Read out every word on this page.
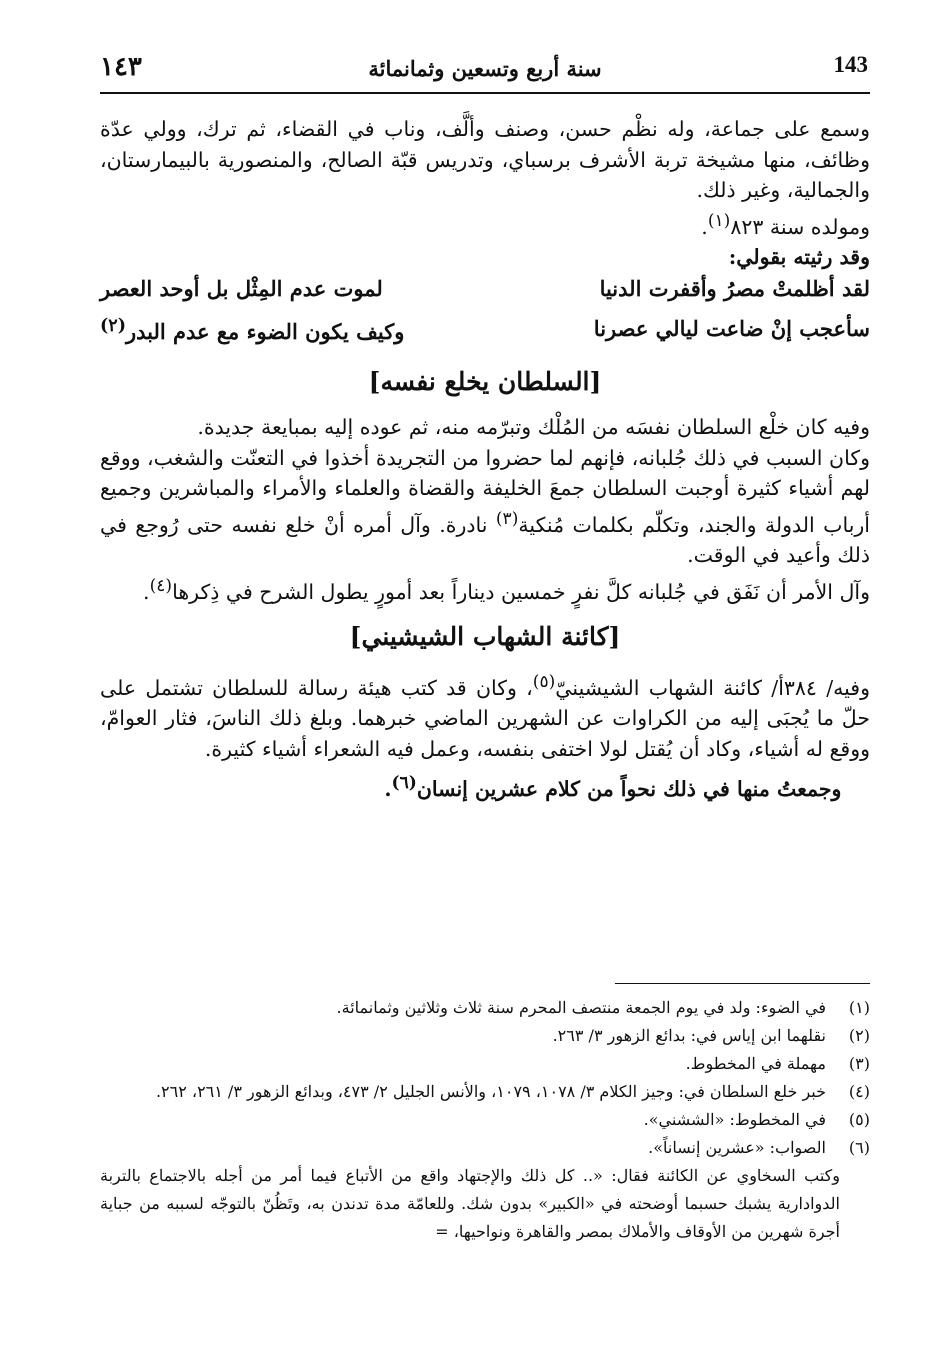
١٤٣	سنة أربع وتسعين وثمانمائة	143

وسمع على جماعة، وله نظْم حسن، وصنف وألَّف، وناب في القضاء، ثم ترك، وولي عدّة وظائف، منها مشيخة تربة الأشرف برسباي، وتدريس قبّة الصالح، والمنصورية بالبيمارستان، والجمالية، وغير ذلك.

ومولده سنة ٨٢٣$^{(١)}$.

وقد رثيته بقولي:

لقد أظلمتْ مصرُ وأقفرت الدنيا
لموت عدم المِثْل بل أوحد العصر
سأعجب إنْ ضاعت ليالي عصرنا
وكيف يكون الضوء مع عدم البدر$^{(٢)}$
[السلطان يخلع نفسه]

وفيه كان خلْع السلطان نفسَه من المُلْك وتبرّمه منه، ثم عوده إليه بمبايعة جديدة.

وكان السبب في ذلك جُلبانه، فإنهم لما حضروا من التجريدة أخذوا في التعنّت والشغب، ووقع لهم أشياء كثيرة أوجبت السلطان جمعَ الخليفة والقضاة والعلماء والأمراء والمباشرين وجميع أرباب الدولة والجند، وتكلّم بكلمات مُنكية$^{(٣)}$ نادرة. وآل أمره أنْ خلع نفسه حتى رُوجع في ذلك وأعيد في الوقت.

وآل الأمر أن نَفَق في جُلبانه كلَّ نفرٍ خمسين ديناراً بعد أمورٍ يطول الشرح في ذِكرها$^{(٤)}$.

[كائنة الشهاب الشيشيني]

وفيه/ ٣٨٤أ/ كائنة الشهاب الشيشينيّ$^{(٥)}$، وكان قد كتب هيئة رسالة للسلطان تشتمل على حلّ ما يُجبَى إليه من الكراوات عن الشهرين الماضي خبرهما. وبلغ ذلك الناسَ، فثار العوامّ، ووقع له أشياء، وكاد أن يُقتل لولا اختفى بنفسه، وعمل فيه الشعراء أشياء كثيرة.

وجمعتُ منها في ذلك نحواً من كلام عشرين إنسان$^{(٦)}$.

(١)
في الضوء: ولد في يوم الجمعة منتصف المحرم سنة ثلاث وثلاثين وثمانمائة.
(٢)
نقلهما ابن إياس في: بدائع الزهور ٣/ ٢٦٣.
(٣)
مهملة في المخطوط.
(٤)
خبر خلع السلطان في: وجيز الكلام ٣/ ١٠٧٨، ١٠٧٩، والأنس الجليل ٢/ ٤٧٣، وبدائع الزهور ٣/ ٢٦١، ٢٦٢.
(٥)
في المخطوط: «الششني».
(٦)
الصواب: «عشرين إنساناً».
وكتب السخاوي عن الكائنة فقال: «.. كل ذلك والإجتهاد واقع من الأتباع فيما أمر من أجله بالاجتماع بالتربة الدوادارية يشبك حسبما أوضحته في «الكبير» بدون شك. وللعامّة مدة تدندن به، وتَظُنّ بالتوجّه لسببه من جباية أجرة شهرين من الأوقاف والأملاك بمصر والقاهرة ونواحيها، =
